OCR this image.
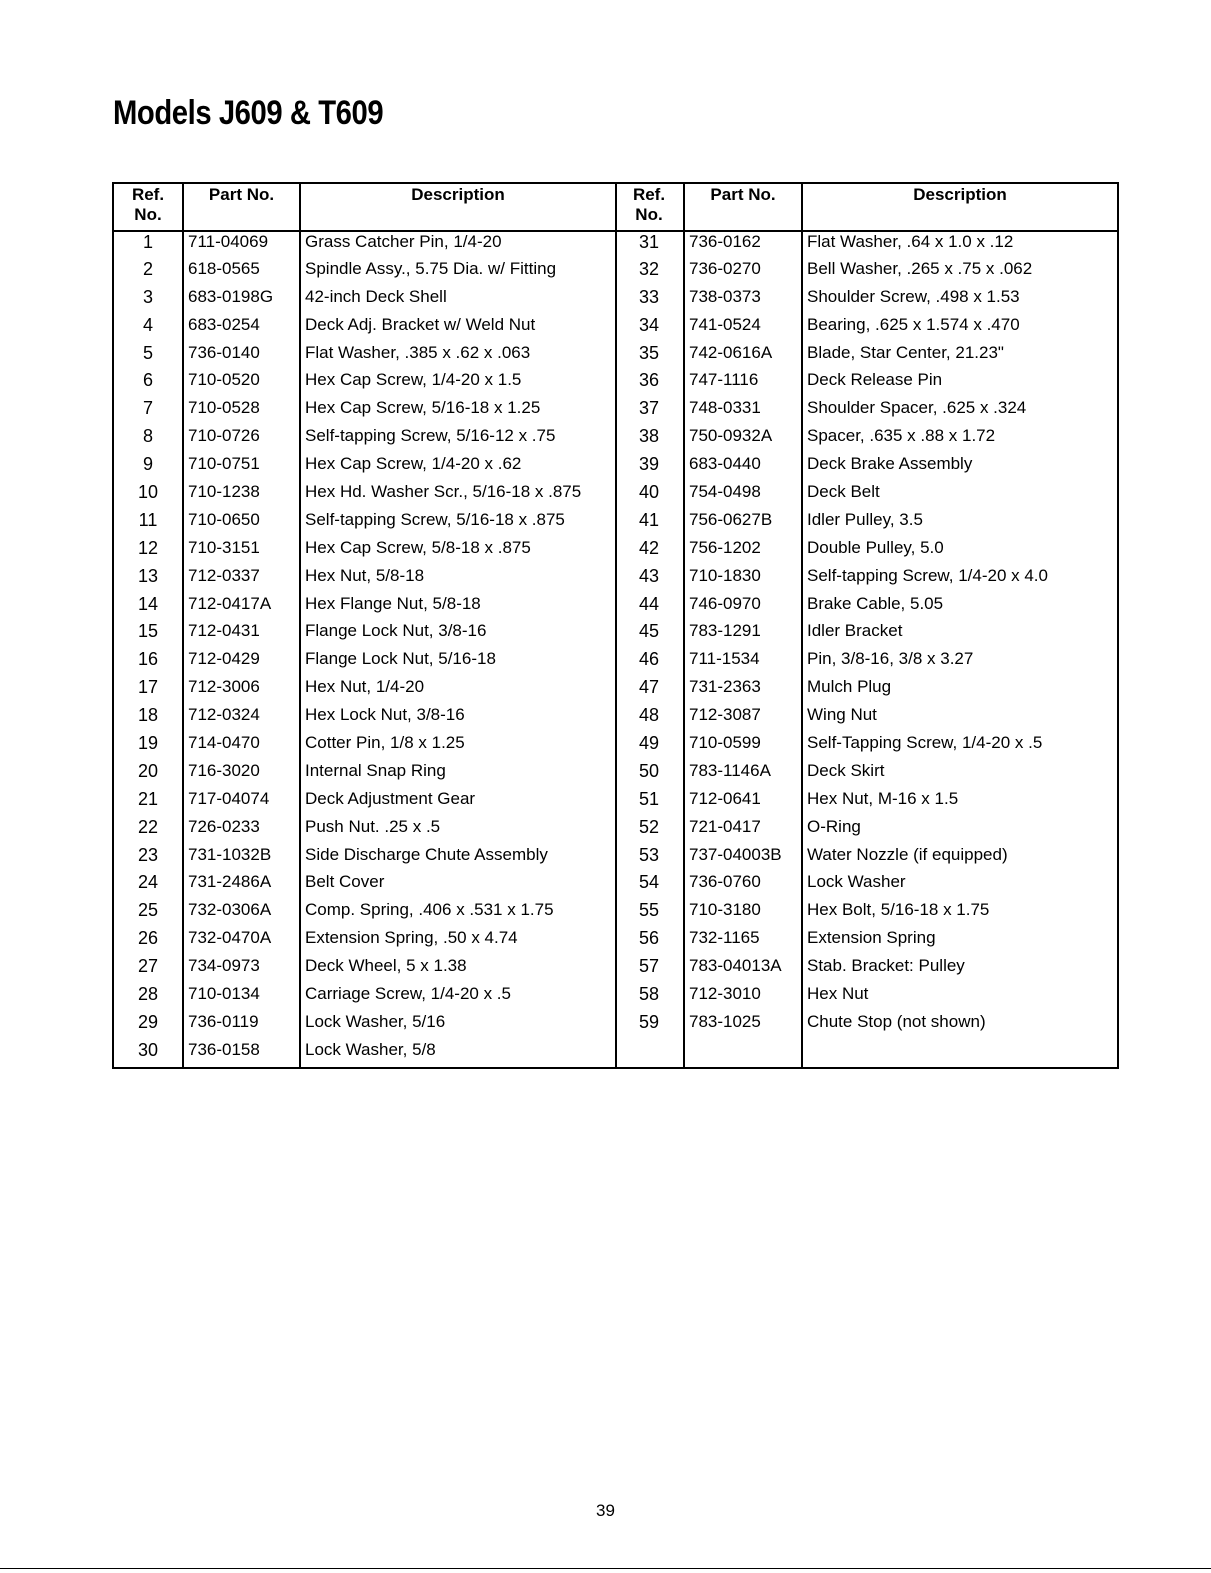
Models J609 & T609
Ref.
No.	Part No.	Description
1	711-04069	Grass Catcher Pin, 1/4-20
2	618-0565	Spindle Assy., 5.75 Dia. w/ Fitting
3	683-0198G	42-inch Deck Shell
4	683-0254	Deck Adj. Bracket w/ Weld Nut
5	736-0140	Flat Washer, .385 x .62 x .063
6	710-0520	Hex Cap Screw, 1/4-20 x 1.5
7	710-0528	Hex Cap Screw, 5/16-18 x 1.25
8	710-0726	Self-tapping Screw, 5/16-12 x .75
9	710-0751	Hex Cap Screw, 1/4-20 x .62
10	710-1238	Hex Hd. Washer Scr., 5/16-18 x .875
11	710-0650	Self-tapping Screw, 5/16-18 x .875
12	710-3151	Hex Cap Screw, 5/8-18 x .875
13	712-0337	Hex Nut, 5/8-18
14	712-0417A	Hex Flange Nut, 5/8-18
15	712-0431	Flange Lock Nut, 3/8-16
16	712-0429	Flange Lock Nut, 5/16-18
17	712-3006	Hex Nut, 1/4-20
18	712-0324	Hex Lock Nut, 3/8-16
19	714-0470	Cotter Pin, 1/8 x 1.25
20	716-3020	Internal Snap Ring
21	717-04074	Deck Adjustment Gear
22	726-0233	Push Nut. .25 x .5
23	731-1032B	Side Discharge Chute Assembly
24	731-2486A	Belt Cover
25	732-0306A	Comp. Spring, .406 x .531 x 1.75
26	732-0470A	Extension Spring, .50 x 4.74
27	734-0973	Deck Wheel, 5 x 1.38
28	710-0134	Carriage Screw, 1/4-20 x .5
29	736-0119	Lock Washer, 5/16
30	736-0158	Lock Washer, 5/8
Ref.
No.	Part No.	Description
31	736-0162	Flat Washer, .64 x 1.0 x .12
32	736-0270	Bell Washer, .265 x .75 x .062
33	738-0373	Shoulder Screw, .498 x 1.53
34	741-0524	Bearing, .625 x 1.574 x .470
35	742-0616A	Blade, Star Center, 21.23"
36	747-1116	Deck Release Pin
37	748-0331	Shoulder Spacer, .625 x .324
38	750-0932A	Spacer, .635 x .88 x 1.72
39	683-0440	Deck Brake Assembly
40	754-0498	Deck Belt
41	756-0627B	Idler Pulley, 3.5
42	756-1202	Double Pulley, 5.0
43	710-1830	Self-tapping Screw, 1/4-20 x 4.0
44	746-0970	Brake Cable, 5.05
45	783-1291	Idler Bracket
46	711-1534	Pin, 3/8-16, 3/8 x 3.27
47	731-2363	Mulch Plug
48	712-3087	Wing Nut
49	710-0599	Self-Tapping Screw, 1/4-20 x .5
50	783-1146A	Deck Skirt
51	712-0641	Hex Nut, M-16 x 1.5
52	721-0417	O-Ring
53	737-04003B	Water Nozzle (if equipped)
54	736-0760	Lock Washer
55	710-3180	Hex Bolt, 5/16-18 x 1.75
56	732-1165	Extension Spring
57	783-04013A	Stab. Bracket: Pulley
58	712-3010	Hex Nut
59	783-1025	Chute Stop (not shown)

39
